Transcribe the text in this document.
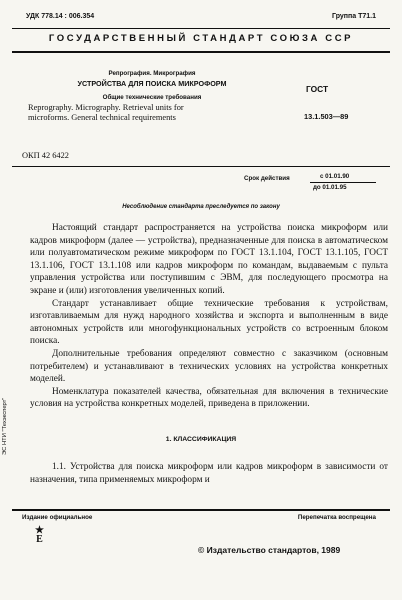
УДК 778.14 : 006.354	Группа Т71.1
ГОСУДАРСТВЕННЫЙ СТАНДАРТ СОЮЗА ССР
Репрография. Микрография
УСТРОЙСТВА ДЛЯ ПОИСКА МИКРОФОРМ
Общие технические требования
Reprography. Micrography. Retrieval units for
microforms. General technical requirements
ГОСТ
13.1.503—89
ОКП 42 6422
Срок действия	с 01.01.90
до 01.01.95
Несоблюдение стандарта преследуется по закону

Настоящий стандарт распространяется на устройства поиска микроформ или кадров микроформ (далее — устройства), предназначенные для поиска в автоматическом или полуавтоматическом режиме микроформ по ГОСТ 13.1.104, ГОСТ 13.1.105, ГОСТ 13.1.106, ГОСТ 13.1.108 или кадров микроформ по командам, выдаваемым с пульта управления устройства или поступившим с ЭВМ, для последующего просмотра на экране и (или) изготовления увеличенных копий.

Стандарт устанавливает общие технические требования к устройствам, изготавливаемым для нужд народного хозяйства и экспорта и выполненным в виде автономных устройств или многофункциональных устройств со встроенным блоком поиска.

Дополнительные требования определяют совместно с заказчиком (основным потребителем) и устанавливают в технических условиях на устройства конкретных моделей.

Номенклатура показателей качества, обязательная для включения в технические условия на устройства конкретных моделей, приведена в приложении.

1. КЛАССИФИКАЦИЯ

1.1. Устройства для поиска микроформ или кадров микроформ в зависимости от назначения, типа применяемых микроформ и

Издание официальное	Перепечатка воспрещена
★
Е
© Издательство стандартов, 1989
ЭС НТИ "Техэксперт"
